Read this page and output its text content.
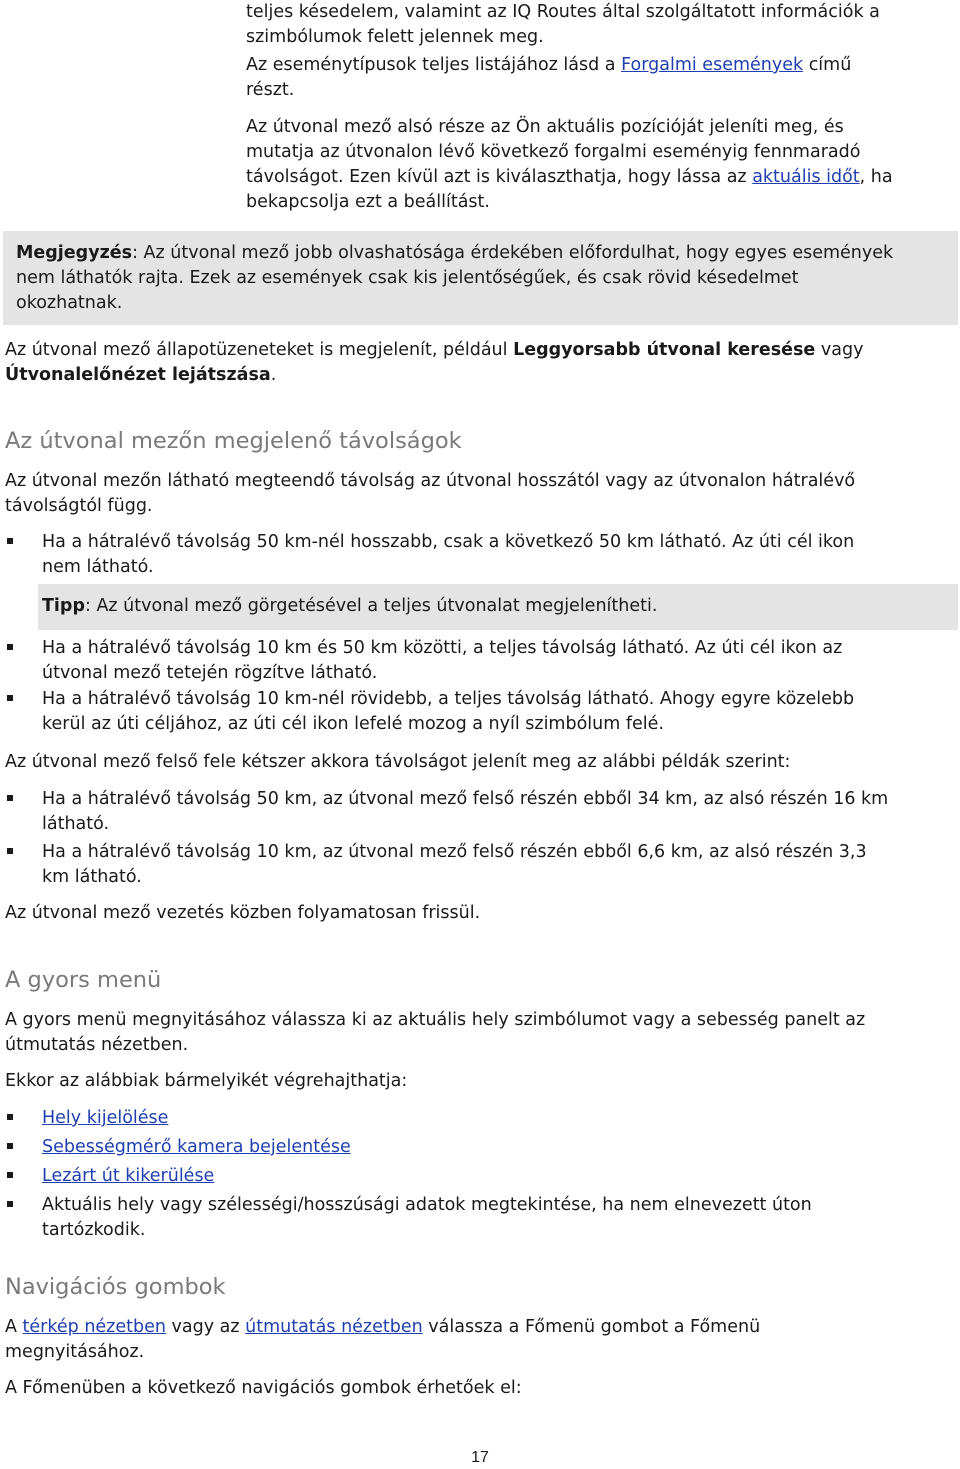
teljes késedelem, valamint az IQ Routes által szolgáltatott információk a
szimbólumok felett jelennek meg.

Az eseménytípusok teljes listájához lásd a Forgalmi események című
részt.

Az útvonal mező alsó része az Ön aktuális pozícióját jeleníti meg, és
mutatja az útvonalon lévő következő forgalmi eseményig fennmaradó
távolságot. Ezen kívül azt is kiválaszthatja, hogy lássa az aktuális időt, ha
bekapcsolja ezt a beállítást.

Megjegyzés: Az útvonal mező jobb olvashatósága érdekében előfordulhat, hogy egyes események
nem láthatók rajta. Ezek az események csak kis jelentőségűek, és csak rövid késedelmet
okozhatnak.

Az útvonal mező állapotüzeneteket is megjelenít, például Leggyorsabb útvonal keresése vagy
Útvonalelőnézet lejátszása.

Az útvonal mezőn megjelenő távolságok

Az útvonal mezőn látható megteendő távolság az útvonal hosszától vagy az útvonalon hátralévő
távolságtól függ.

Ha a hátralévő távolság 50 km-nél hosszabb, csak a következő 50 km látható. Az úti cél ikon
nem látható.
Tipp: Az útvonal mező görgetésével a teljes útvonalat megjelenítheti.
Ha a hátralévő távolság 10 km és 50 km közötti, a teljes távolság látható. Az úti cél ikon az
útvonal mező tetején rögzítve látható.
Ha a hátralévő távolság 10 km-nél rövidebb, a teljes távolság látható. Ahogy egyre közelebb
kerül az úti céljához, az úti cél ikon lefelé mozog a nyíl szimbólum felé.

Az útvonal mező felső fele kétszer akkora távolságot jelenít meg az alábbi példák szerint:

Ha a hátralévő távolság 50 km, az útvonal mező felső részén ebből 34 km, az alsó részén 16 km
látható.
Ha a hátralévő távolság 10 km, az útvonal mező felső részén ebből 6,6 km, az alsó részén 3,3
km látható.

Az útvonal mező vezetés közben folyamatosan frissül.

A gyors menü

A gyors menü megnyitásához válassza ki az aktuális hely szimbólumot vagy a sebesség panelt az
útmutatás nézetben.

Ekkor az alábbiak bármelyikét végrehajthatja:

Hely kijelölése
Sebességmérő kamera bejelentése
Lezárt út kikerülése
Aktuális hely vagy szélességi/hosszúsági adatok megtekintése, ha nem elnevezett úton
tartózkodik.
Navigációs gombok

A térkép nézetben vagy az útmutatás nézetben válassza a Főmenü gombot a Főmenü
megnyitásához.

A Főmenüben a következő navigációs gombok érhetőek el:

17
